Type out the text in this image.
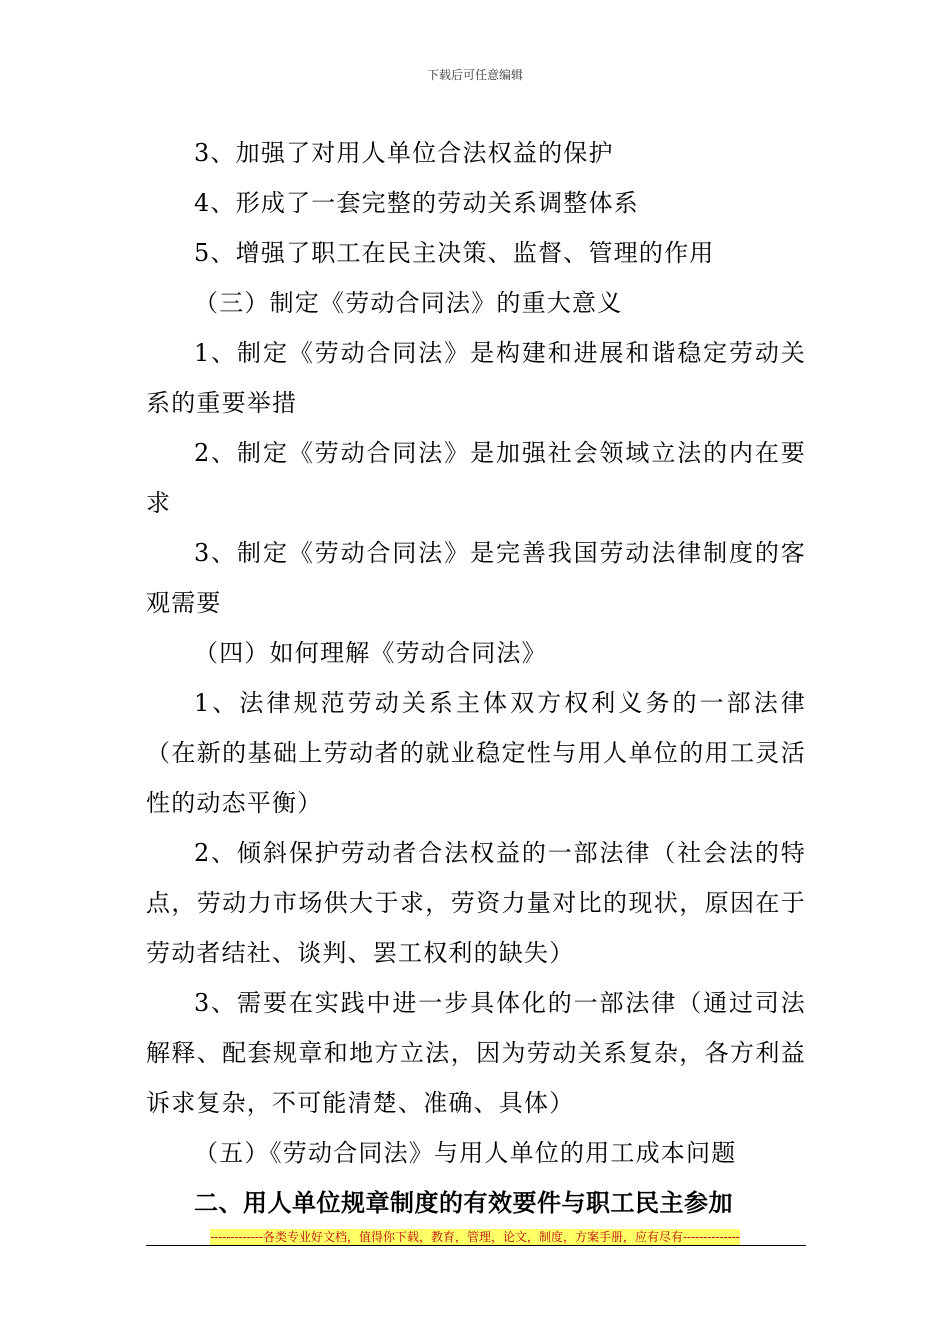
下载后可任意编辑

3、加强了对用人单位合法权益的保护

4、形成了一套完整的劳动关系调整体系

5、增强了职工在民主决策、监督、管理的作用

（三）制定《劳动合同法》的重大意义

1、制定《劳动合同法》是构建和进展和谐稳定劳动关系的重要举措

2、制定《劳动合同法》是加强社会领域立法的内在要求

3、制定《劳动合同法》是完善我国劳动法律制度的客观需要

（四）如何理解《劳动合同法》

1、法律规范劳动关系主体双方权利义务的一部法律（在新的基础上劳动者的就业稳定性与用人单位的用工灵活性的动态平衡）

2、倾斜保护劳动者合法权益的一部法律（社会法的特点，劳动力市场供大于求，劳资力量对比的现状，原因在于劳动者结社、谈判、罢工权利的缺失）

3、需要在实践中进一步具体化的一部法律（通过司法解释、配套规章和地方立法，因为劳动关系复杂，各方利益诉求复杂，不可能清楚、准确、具体）

（五）《劳动合同法》与用人单位的用工成本问题

二、用人单位规章制度的有效要件与职工民主参加

-------------各类专业好文档，值得你下载，教育，管理，论文，制度，方案手册，应有尽有--------------
